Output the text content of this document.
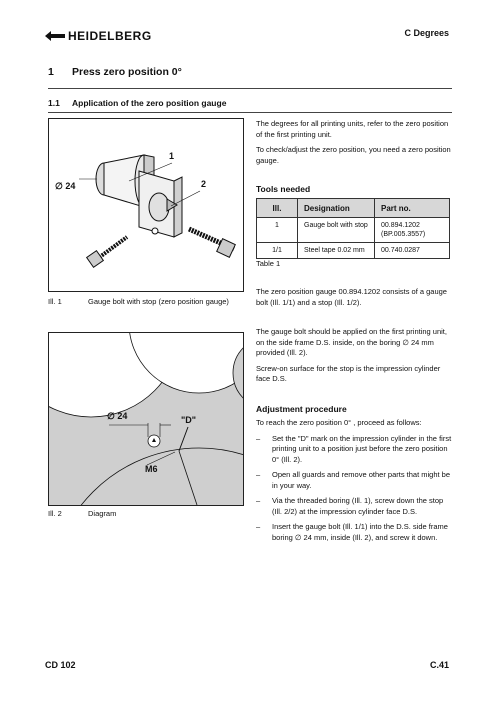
HEIDELBERG	C Degrees
1 Press zero position 0°
1.1 Application of the zero position gauge
∅ 24
1
2
Ill. 1	Gauge bolt with stop (zero position gauge)
∅ 24	"D"
M6
Ill. 2	Diagram

The degrees for all printing units, refer to the zero position of the first printing unit.

To check/adjust the zero position, you need a zero position gauge.

Tools needed
Ill.	Designation	Part no.
1	Gauge bolt with stop	00.894.1202 (BP.005.3557)
1/1	Steel tape 0.02 mm	00.740.0287
Table 1

The zero position gauge 00.894.1202 consists of a gauge bolt (Ill. 1/1) and a stop (Ill. 1/2).

The gauge bolt should be applied on the first printing unit, on the side frame D.S. inside, on the boring ∅ 24 mm provided (Ill. 2).

Screw-on surface for the stop is the impression cylinder face D.S.

Adjustment procedure

To reach the zero position 0° , proceed as follows:

–	Set the "D" mark on the impression cylinder in the first printing unit to a position just before the zero position 0° (Ill. 2).
–	Open all guards and remove other parts that might be in your way.
–	Via the threaded boring (Ill. 1), screw down the stop (Ill. 2/2) at the impression cylinder face D.S.
–	Insert the gauge bolt (Ill. 1/1) into the D.S. side frame boring ∅ 24 mm, inside (Ill. 2), and screw it down.
CD 102	C.41
